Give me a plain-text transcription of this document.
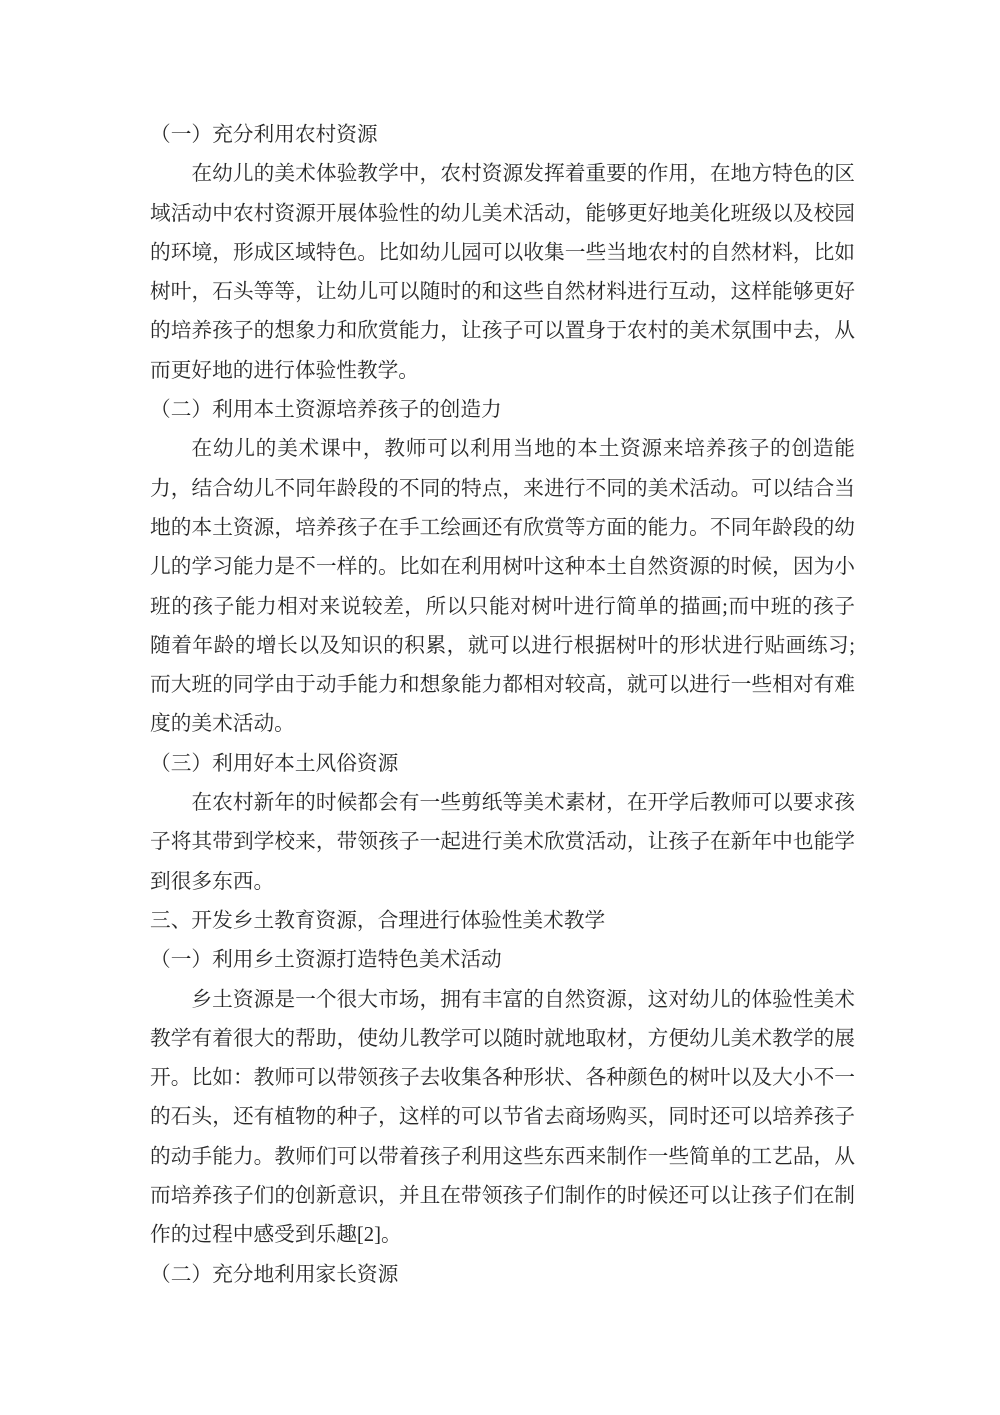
（一）充分利用农村资源

在幼儿的美术体验教学中，农村资源发挥着重要的作用，在地方特色的区域活动中农村资源开展体验性的幼儿美术活动，能够更好地美化班级以及校园的环境，形成区域特色。比如幼儿园可以收集一些当地农村的自然材料，比如树叶，石头等等，让幼儿可以随时的和这些自然材料进行互动，这样能够更好的培养孩子的想象力和欣赏能力，让孩子可以置身于农村的美术氛围中去，从而更好地的进行体验性教学。

（二）利用本土资源培养孩子的创造力

在幼儿的美术课中，教师可以利用当地的本土资源来培养孩子的创造能力，结合幼儿不同年龄段的不同的特点，来进行不同的美术活动。可以结合当地的本土资源，培养孩子在手工绘画还有欣赏等方面的能力。不同年龄段的幼儿的学习能力是不一样的。比如在利用树叶这种本土自然资源的时候，因为小班的孩子能力相对来说较差，所以只能对树叶进行简单的描画;而中班的孩子随着年龄的增长以及知识的积累，就可以进行根据树叶的形状进行贴画练习;而大班的同学由于动手能力和想象能力都相对较高，就可以进行一些相对有难度的美术活动。

（三）利用好本土风俗资源

在农村新年的时候都会有一些剪纸等美术素材，在开学后教师可以要求孩子将其带到学校来，带领孩子一起进行美术欣赏活动，让孩子在新年中也能学到很多东西。

三、开发乡土教育资源，合理进行体验性美术教学

（一）利用乡土资源打造特色美术活动

乡土资源是一个很大市场，拥有丰富的自然资源，这对幼儿的体验性美术教学有着很大的帮助，使幼儿教学可以随时就地取材，方便幼儿美术教学的展开。比如：教师可以带领孩子去收集各种形状、各种颜色的树叶以及大小不一的石头，还有植物的种子，这样的可以节省去商场购买，同时还可以培养孩子的动手能力。教师们可以带着孩子利用这些东西来制作一些简单的工艺品，从而培养孩子们的创新意识，并且在带领孩子们制作的时候还可以让孩子们在制作的过程中感受到乐趣[2]。

（二）充分地利用家长资源
